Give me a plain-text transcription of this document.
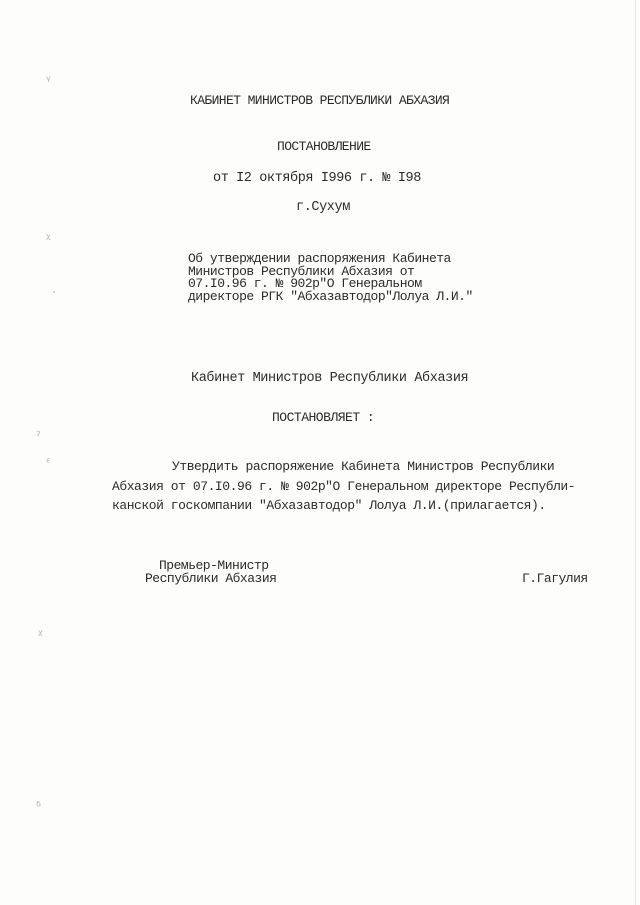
КАБИНЕТ МИНИСТРОВ РЕСПУБЛИКИ АБХАЗИЯ
ПОСТАНОВЛЕНИЕ
от I2 октября I996 г. № I98
г.Сухум
Об утверждении распоряжения Кабинета
Министров Республики Абхазия от
07.I0.96 г. № 902р"О Генеральном
директоре РГК "Абхазавтодор"Лолуа Л.И."
Кабинет Министров Республики Абхазия
ПОСТАНОВЛЯЕТ :
Утвердить распоряжение Кабинета Министров Республики
Абхазия от 07.I0.96 г. № 902р"О Генеральном директоре Республи-
канской госкомпании "Абхазавтодор" Лолуа Л.И.(прилагается).
Премьер-Министр
Республики Абхазия	Г.Гагулия
ᵞ
ᵡ
·
ˀ
ᵋ
ᵡ
ᵟ
